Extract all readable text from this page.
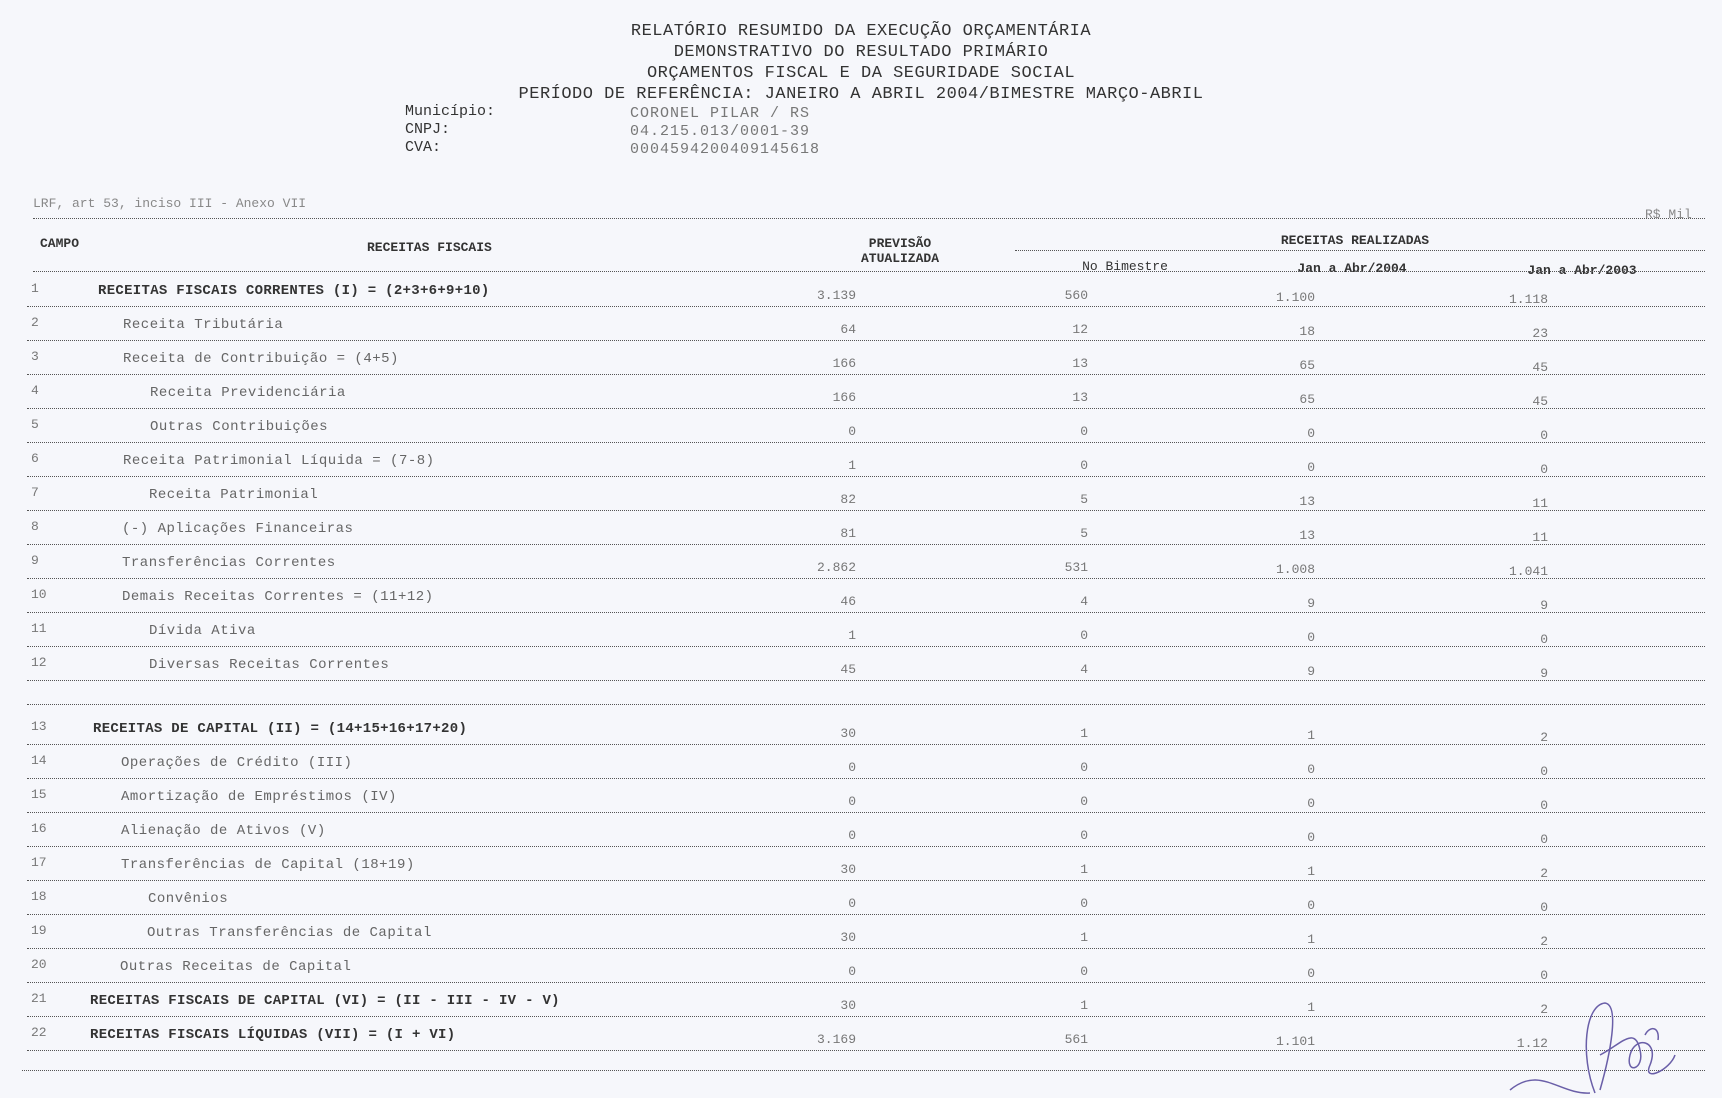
RELATÓRIO RESUMIDO DA EXECUÇÃO ORÇAMENTÁRIA
DEMONSTRATIVO DO RESULTADO PRIMÁRIO
ORÇAMENTOS FISCAL E DA SEGURIDADE SOCIAL
PERÍODO DE REFERÊNCIA: JANEIRO A ABRIL 2004/BIMESTRE MARÇO-ABRIL
Município:	CORONEL PILAR / RS
CNPJ:	04.215.013/0001-39
CVA:	0004594200409145618
LRF, art 53, inciso III - Anexo VII
R$ Mil
CAMPO	RECEITAS FISCAIS	PREVISÃO
ATUALIZADA
RECEITAS REALIZADAS
No Bimestre	Jan a Abr/2004	Jan a Abr/2003
1	RECEITAS FISCAIS CORRENTES (I) = (2+3+6+9+10)	3.139	560	1.100	1.118
2	Receita Tributária	64	12	18	23
3	Receita de Contribuição = (4+5)	166	13	65	45
4	Receita Previdenciária	166	13	65	45
5	Outras Contribuições	0	0	0	0
6	Receita Patrimonial Líquida = (7-8)	1	0	0	0
7	Receita Patrimonial	82	5	13	11
8	(-) Aplicações Financeiras	81	5	13	11
9	Transferências Correntes	2.862	531	1.008	1.041
10	Demais Receitas Correntes = (11+12)	46	4	9	9
11	Dívida Ativa	1	0	0	0
12	Diversas Receitas Correntes	45	4	9	9
13	RECEITAS DE CAPITAL (II) = (14+15+16+17+20)	30	1	1	2
14	Operações de Crédito (III)	0	0	0	0
15	Amortização de Empréstimos (IV)	0	0	0	0
16	Alienação de Ativos (V)	0	0	0	0
17	Transferências de Capital (18+19)	30	1	1	2
18	Convênios	0	0	0	0
19	Outras Transferências de Capital	30	1	1	2
20	Outras Receitas de Capital	0	0	0	0
21	RECEITAS FISCAIS DE CAPITAL (VI) = (II - III - IV - V)	30	1	1	2
22	RECEITAS FISCAIS LÍQUIDAS (VII) = (I + VI)	3.169	561	1.101	1.12
